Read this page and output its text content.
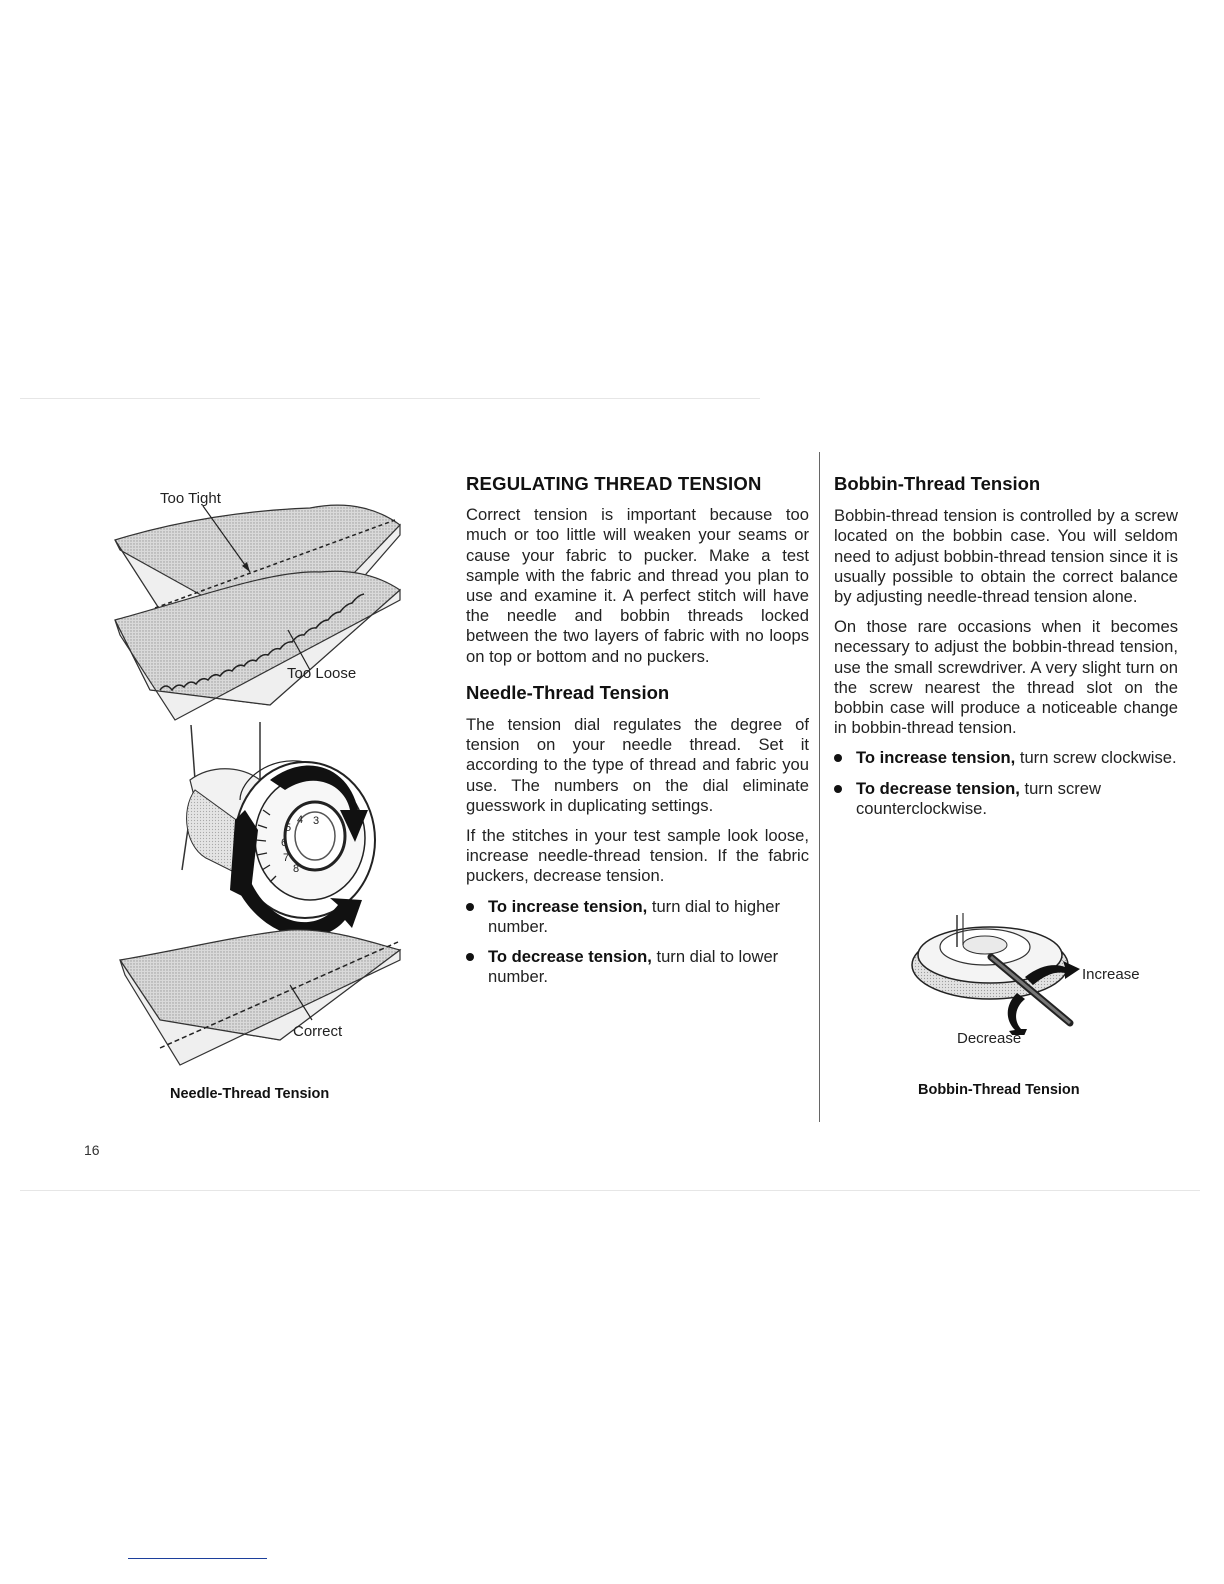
3
4
5
6
7
8
Too Tight
Too Loose
Correct
Needle-Thread Tension
REGULATING THREAD TENSION

Correct tension is important because too much or too little will weaken your seams or cause your fabric to pucker. Make a test sample with the fabric and thread you plan to use and examine it. A perfect stitch will have the needle and bobbin threads locked between the two layers of fabric with no loops on top or bottom and no puckers.

Needle-Thread Tension

The tension dial regulates the degree of tension on your needle thread. Set it according to the type of thread and fabric you use. The numbers on the dial eliminate guesswork in duplicating settings.

If the stitches in your test sample look loose, increase needle-thread tension. If the fabric puckers, decrease tension.

To increase tension, turn dial to higher number.
To decrease tension, turn dial to lower number.
Bobbin-Thread Tension

Bobbin-thread tension is controlled by a screw located on the bobbin case. You will seldom need to adjust bobbin-thread tension since it is usually possible to obtain the correct balance by adjusting needle-thread tension alone.

On those rare occasions when it becomes necessary to adjust the bobbin-thread tension, use the small screwdriver. A very slight turn on the screw nearest the thread slot on the bobbin case will produce a noticeable change in bobbin-thread tension.

To increase tension, turn screw clockwise.
To decrease tension, turn screw counterclockwise.
Increase
Decrease
Bobbin-Thread Tension
16
